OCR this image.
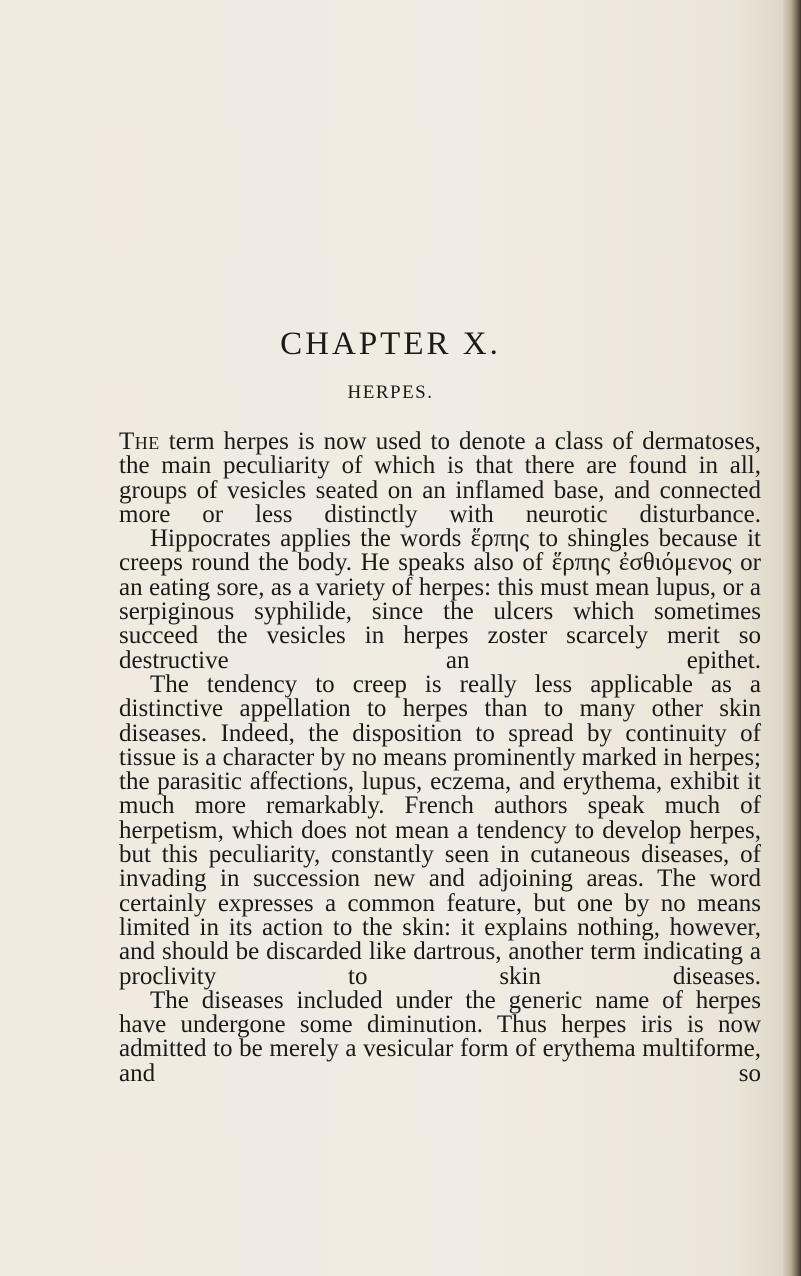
CHAPTER X.
HERPES.

The term herpes is now used to denote a class of dermatoses, the main peculiarity of which is that there are found in all, groups of vesicles seated on an inflamed base, and connected more or less distinctly with neurotic disturbance.

Hippocrates applies the words ἕρπης to shingles because it creeps round the body. He speaks also of ἕρπης ἐσθιόμενος or an eating sore, as a variety of herpes: this must mean lupus, or a serpiginous syphilide, since the ulcers which sometimes succeed the vesicles in herpes zoster scarcely merit so destructive an epithet.

The tendency to creep is really less applicable as a distinctive appellation to herpes than to many other skin diseases. Indeed, the disposition to spread by continuity of tissue is a character by no means prominently marked in herpes; the parasitic affections, lupus, eczema, and erythema, exhibit it much more remarkably. French authors speak much of herpetism, which does not mean a tendency to develop herpes, but this peculiarity, constantly seen in cutaneous diseases, of invading in succession new and adjoining areas. The word certainly expresses a common feature, but one by no means limited in its action to the skin: it explains nothing, however, and should be discarded like dartrous, another term indicating a proclivity to skin diseases.

The diseases included under the generic name of herpes have undergone some diminution. Thus herpes iris is now admitted to be merely a vesicular form of erythema multiforme, and so
